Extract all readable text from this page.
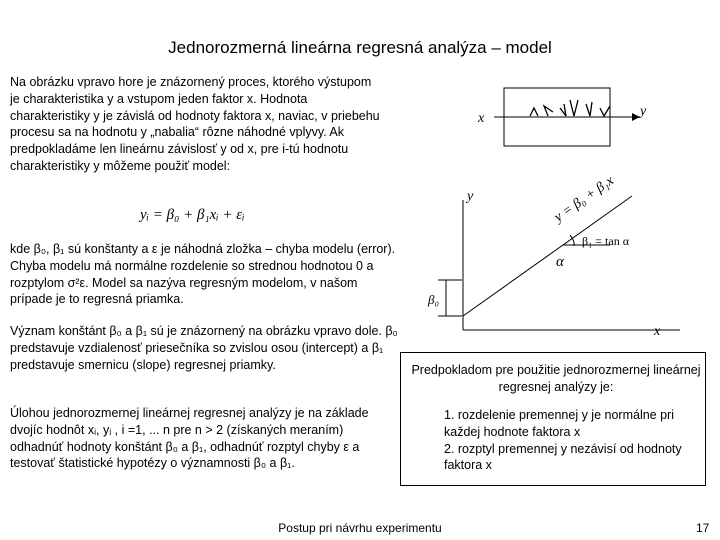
Jednorozmerná lineárna regresná analýza – model

Na obrázku vpravo hore je znázornený proces, ktorého výstupom je charakteristika y a vstupom jeden faktor x. Hodnota charakteristiky y je závislá od hodnoty faktora x, naviac, v priebehu procesu sa na hodnotu y „nabalia“ rôzne náhodné vplyvy. Ak predpokladáme len lineárnu závislosť y od x, pre i-tú hodnotu charakteristiky y môžeme použiť model:

yᵢ = β₀ + β₁xᵢ + εᵢ

kde β₀, β₁ sú konštanty a ε je náhodná zložka – chyba modelu (error). Chyba modelu má normálne rozdelenie so strednou hodnotou 0 a rozptylom σ²ε. Model sa nazýva regresným modelom, v našom prípade je to regresná priamka.

Význam konštánt β₀ a β₁ sú je znázornený na obrázku vpravo dole. β₀ predstavuje vzdialenosť priesečníka so zvislou osou (intercept) a β₁ predstavuje smernicu (slope) regresnej priamky.

Úlohou jednorozmernej lineárnej regresnej analýzy je na základe dvojíc hodnôt xᵢ, yᵢ , i =1, ... n pre n > 2 (získaných meraním) odhadnúť hodnoty konštánt β₀ a β₁, odhadnúť rozptyl chyby ε a testovať štatistické hypotézy o významnosti β₀ a β₁.

Predpokladom pre použitie jednorozmernej lineárnej regresnej analýzy je:
1. rozdelenie premennej y je normálne pri každej hodnote faktora x
2. rozptyl premennej y nezávisí od hodnoty faktora x
x	y
y
x
α
β₁ = tan α
y = β₀ + β₁x
β₀
Postup pri návrhu experimentu	17
